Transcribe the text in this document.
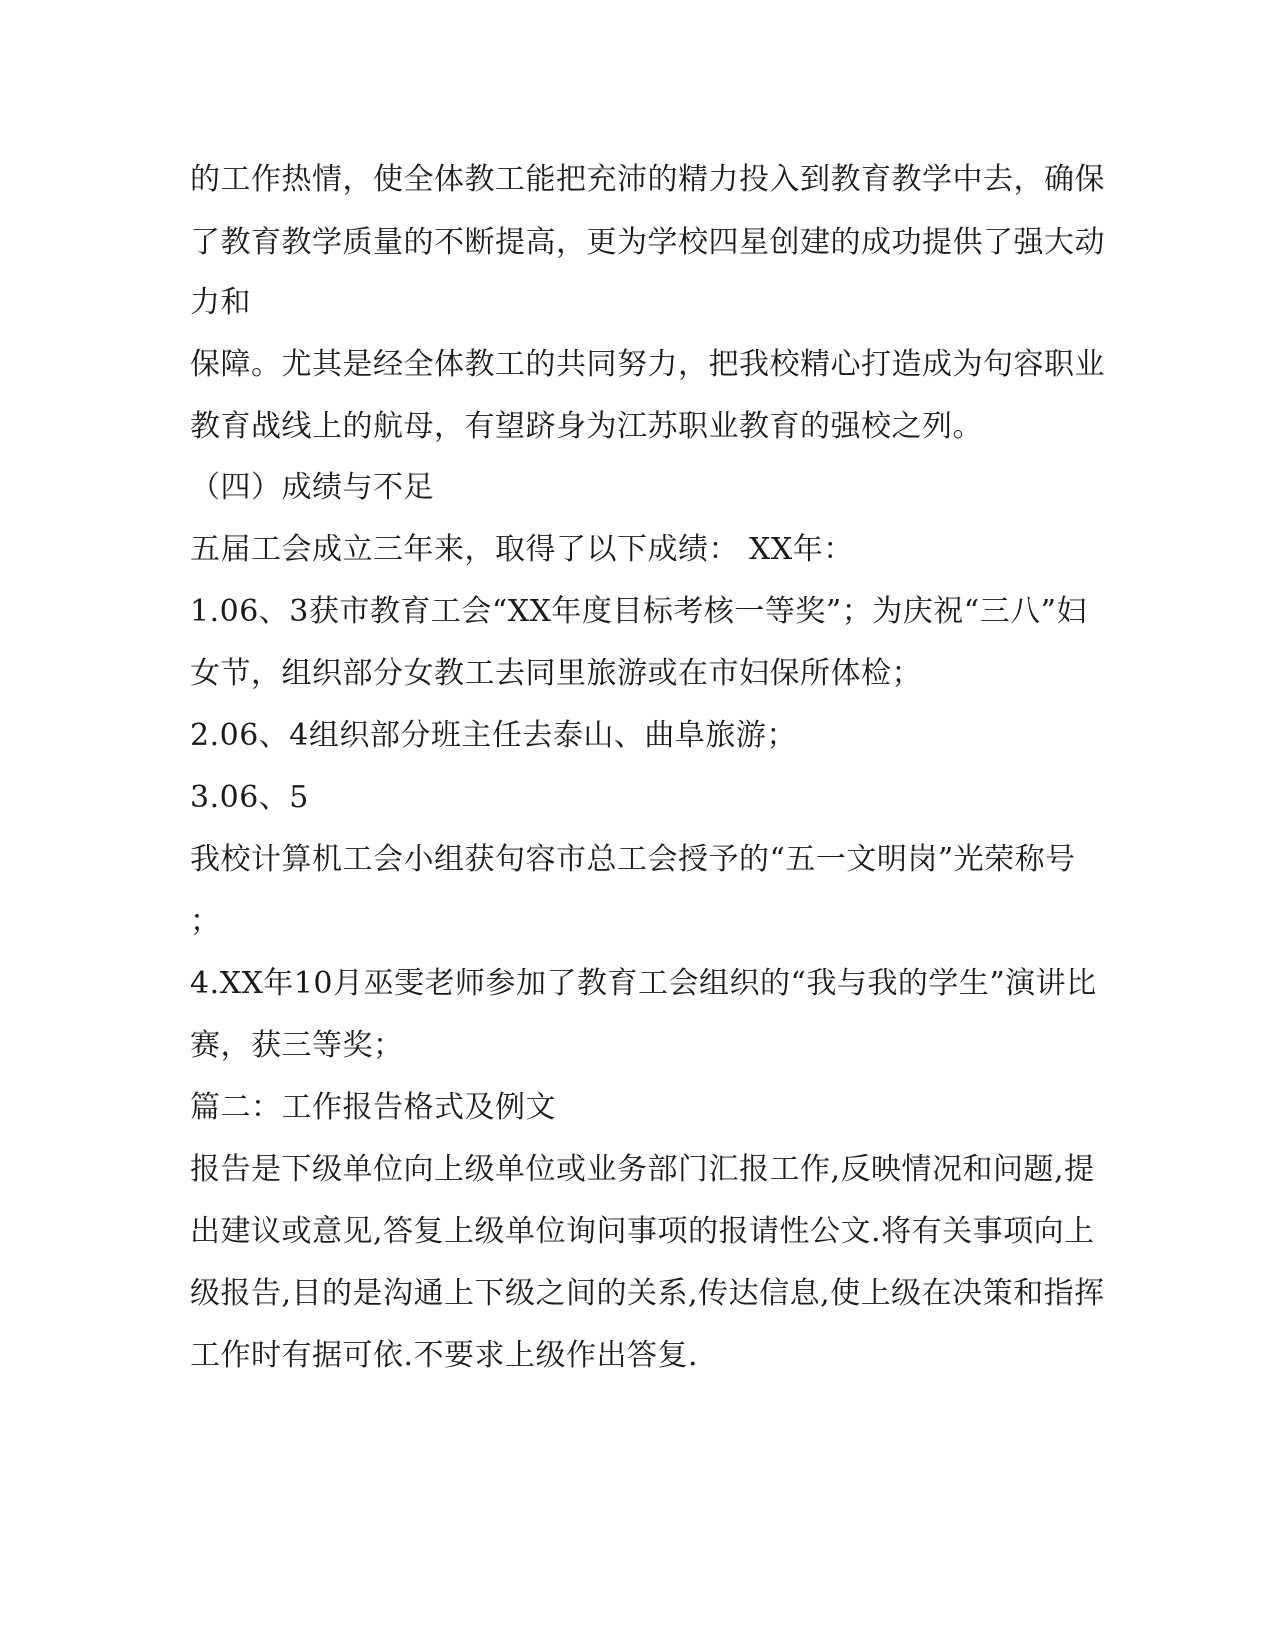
的工作热情，使全体教工能把充沛的精力投入到教育教学中去，确保

了教育教学质量的不断提高，更为学校四星创建的成功提供了强大动

力和

保障。尤其是经全体教工的共同努力，把我校精心打造成为句容职业

教育战线上的航母，有望跻身为江苏职业教育的强校之列。

（四）成绩与不足

五届工会成立三年来，取得了以下成绩： XX年：

1.06、3获市教育工会“XX年度目标考核一等奖”；为庆祝“三八”妇

女节，组织部分女教工去同里旅游或在市妇保所体检；

2.06、4组织部分班主任去泰山、曲阜旅游；

3.06、5

我校计算机工会小组获句容市总工会授予的“五一文明岗”光荣称号

；

4.XX年10月巫雯老师参加了教育工会组织的“我与我的学生”演讲比

赛，获三等奖；

篇二：工作报告格式及例文

报告是下级单位向上级单位或业务部门汇报工作,反映情况和问题,提

出建议或意见,答复上级单位询问事项的报请性公文.将有关事项向上

级报告,目的是沟通上下级之间的关系,传达信息,使上级在决策和指挥

工作时有据可依.不要求上级作出答复.
